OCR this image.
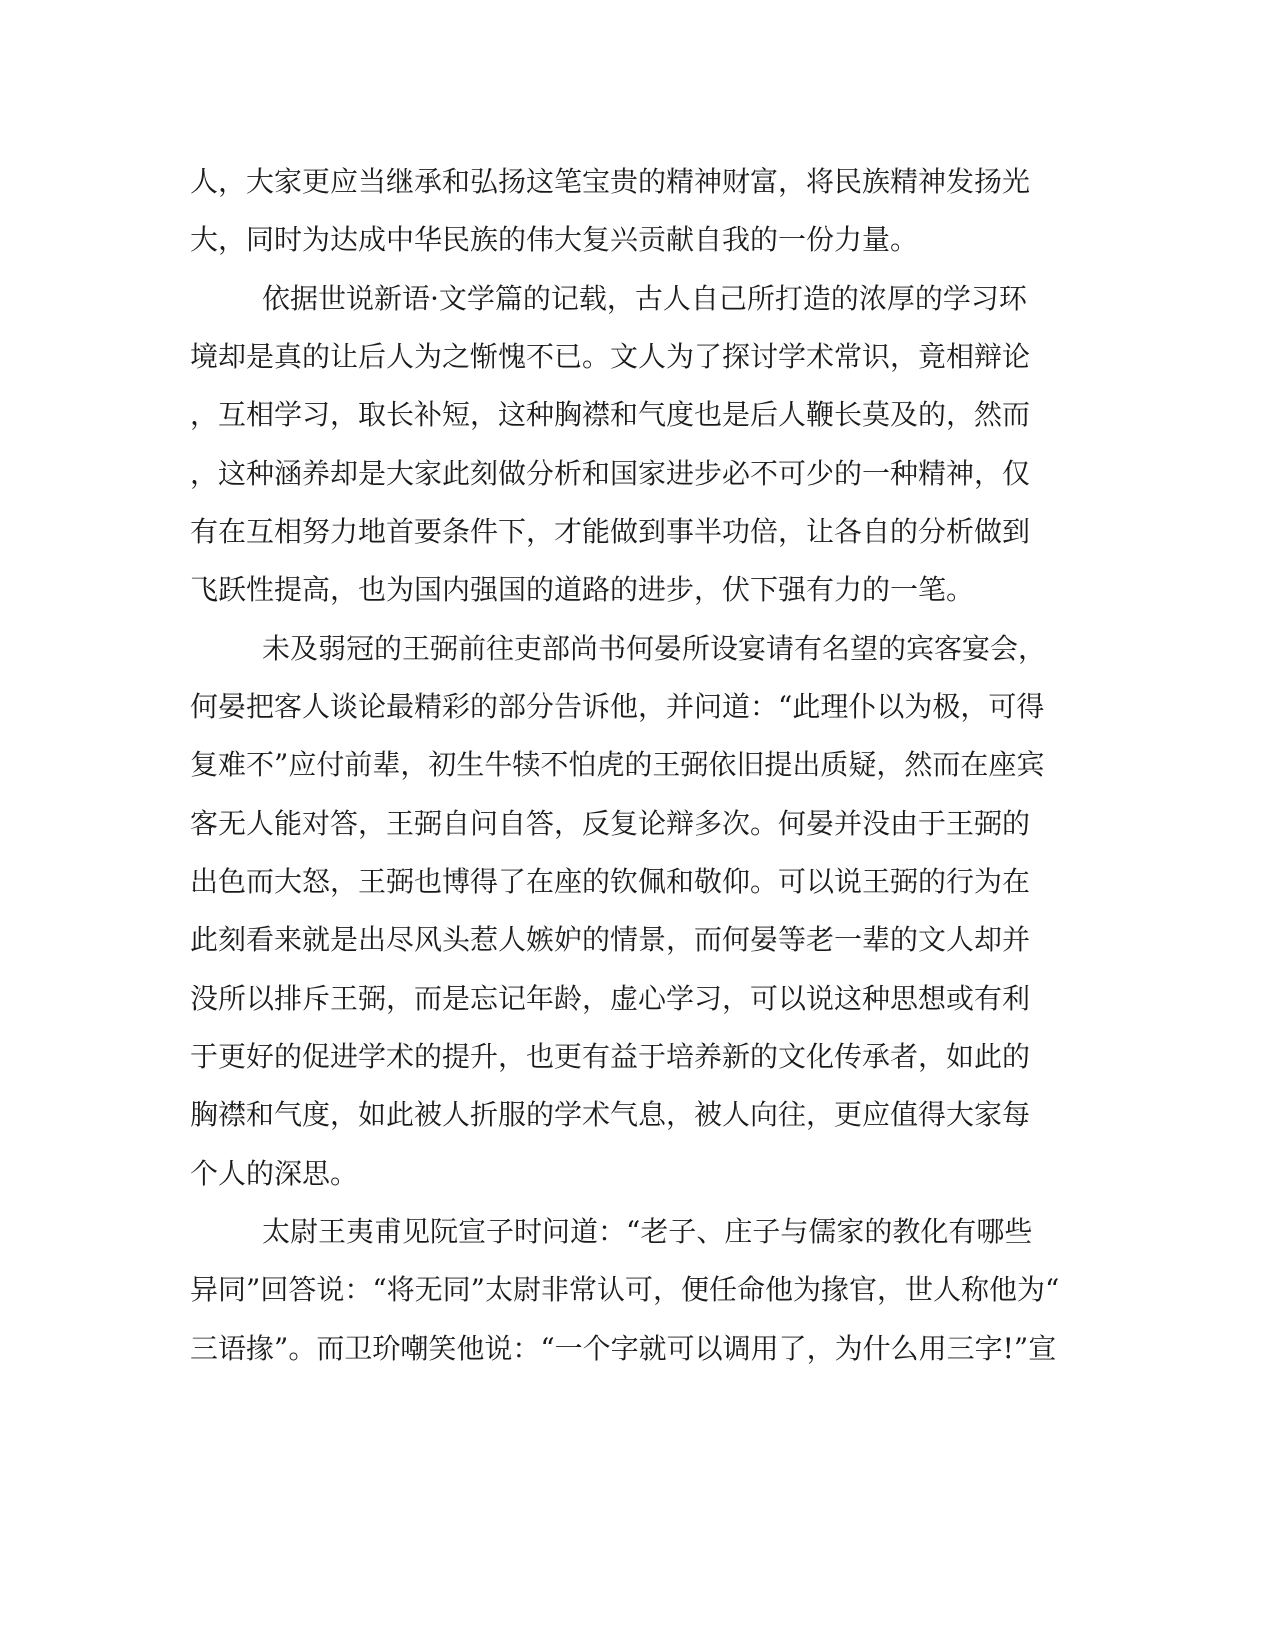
人，大家更应当继承和弘扬这笔宝贵的精神财富，将民族精神发扬光
大，同时为达成中华民族的伟大复兴贡献自我的一份力量。
依据世说新语·文学篇的记载，古人自己所打造的浓厚的学习环
境却是真的让后人为之惭愧不已。文人为了探讨学术常识，竟相辩论
，互相学习，取长补短，这种胸襟和气度也是后人鞭长莫及的，然而
，这种涵养却是大家此刻做分析和国家进步必不可少的一种精神，仅
有在互相努力地首要条件下，才能做到事半功倍，让各自的分析做到
飞跃性提高，也为国内强国的道路的进步，伏下强有力的一笔。
未及弱冠的王弼前往吏部尚书何晏所设宴请有名望的宾客宴会，
何晏把客人谈论最精彩的部分告诉他，并问道：“此理仆以为极，可得
复难不”应付前辈，初生牛犊不怕虎的王弼依旧提出质疑，然而在座宾
客无人能对答，王弼自问自答，反复论辩多次。何晏并没由于王弼的
出色而大怒，王弼也博得了在座的钦佩和敬仰。可以说王弼的行为在
此刻看来就是出尽风头惹人嫉妒的情景，而何晏等老一辈的文人却并
没所以排斥王弼，而是忘记年龄，虚心学习，可以说这种思想或有利
于更好的促进学术的提升，也更有益于培养新的文化传承者，如此的
胸襟和气度，如此被人折服的学术气息，被人向往，更应值得大家每
个人的深思。
太尉王夷甫见阮宣子时问道：“老子、庄子与儒家的教化有哪些
异同”回答说：“将无同”太尉非常认可，便任命他为掾官，世人称他为“
三语掾”。而卫玠嘲笑他说：“一个字就可以调用了，为什么用三字!”宣
